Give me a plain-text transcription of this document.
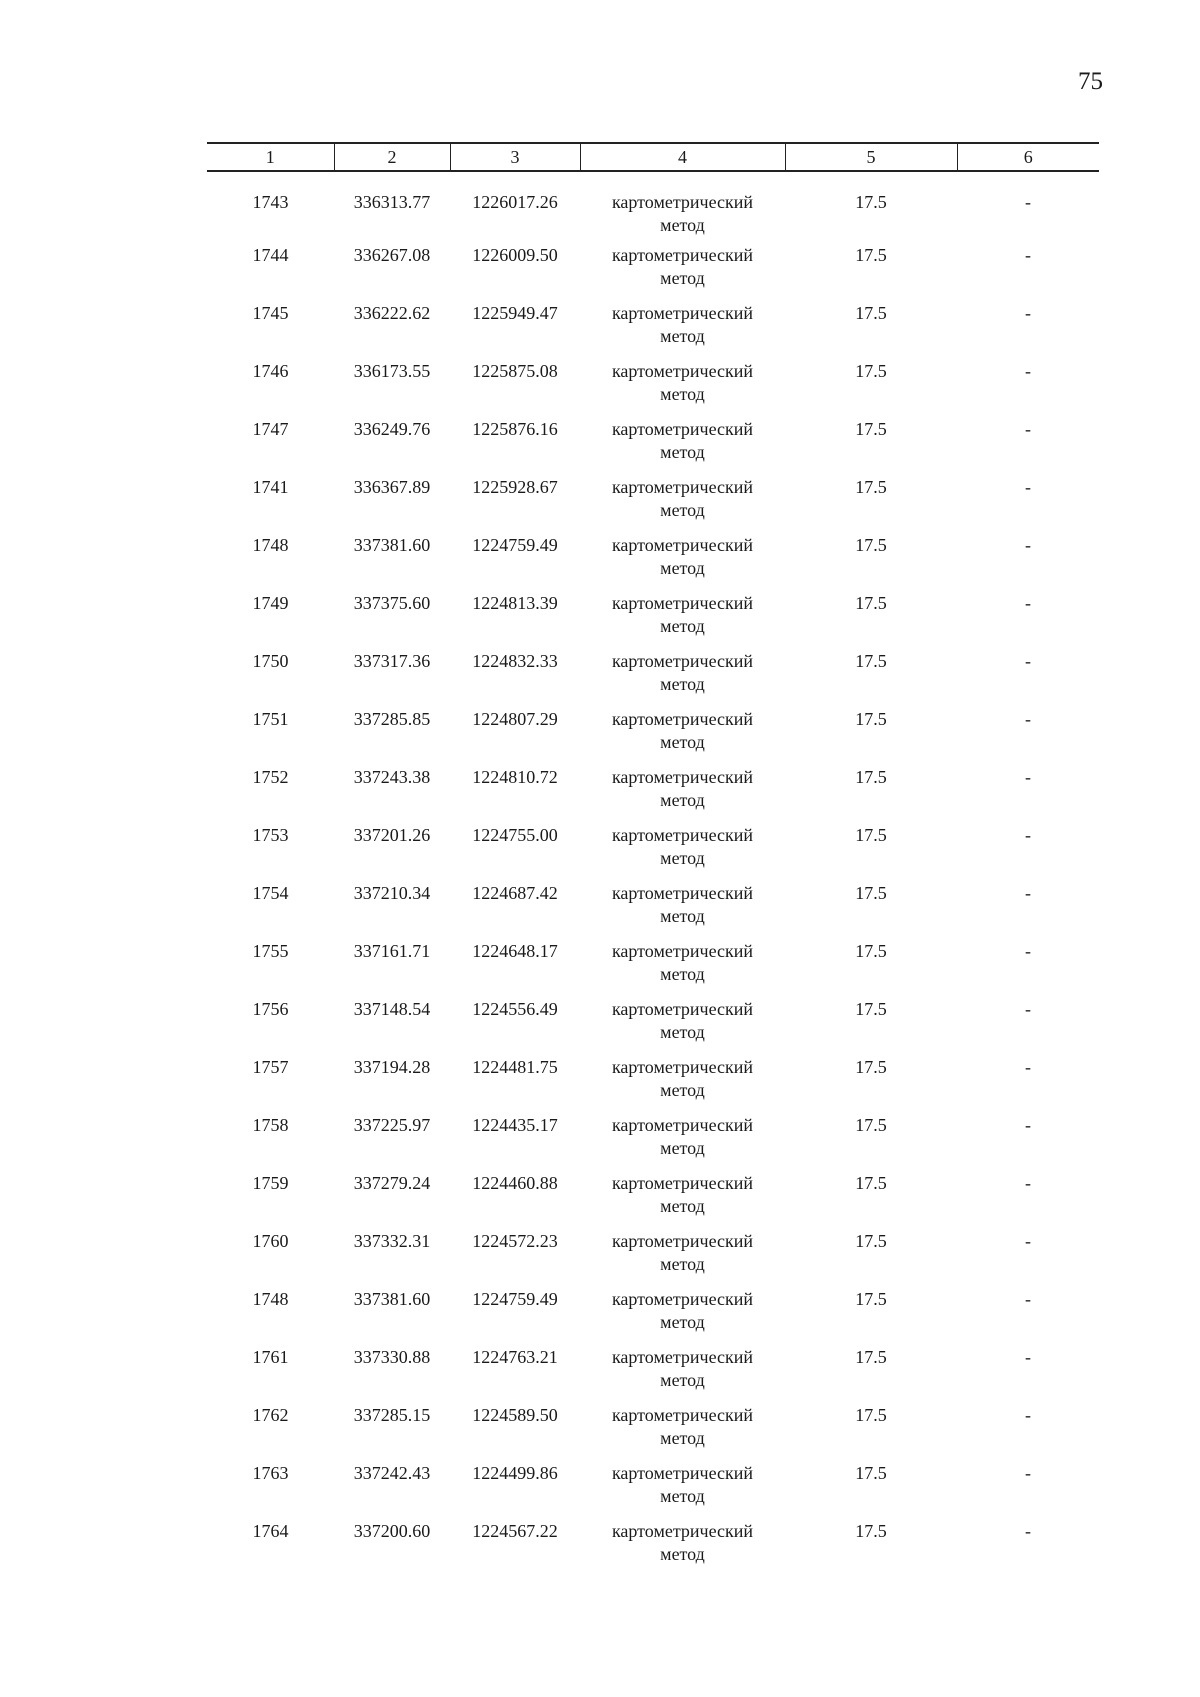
75
1	2	3	4	5	6
1743	336313.77	1226017.26	картометрический метод	17.5	-
1744	336267.08	1226009.50	картометрический метод	17.5	-
1745	336222.62	1225949.47	картометрический метод	17.5	-
1746	336173.55	1225875.08	картометрический метод	17.5	-
1747	336249.76	1225876.16	картометрический метод	17.5	-
1741	336367.89	1225928.67	картометрический метод	17.5	-
1748	337381.60	1224759.49	картометрический метод	17.5	-
1749	337375.60	1224813.39	картометрический метод	17.5	-
1750	337317.36	1224832.33	картометрический метод	17.5	-
1751	337285.85	1224807.29	картометрический метод	17.5	-
1752	337243.38	1224810.72	картометрический метод	17.5	-
1753	337201.26	1224755.00	картометрический метод	17.5	-
1754	337210.34	1224687.42	картометрический метод	17.5	-
1755	337161.71	1224648.17	картометрический метод	17.5	-
1756	337148.54	1224556.49	картометрический метод	17.5	-
1757	337194.28	1224481.75	картометрический метод	17.5	-
1758	337225.97	1224435.17	картометрический метод	17.5	-
1759	337279.24	1224460.88	картометрический метод	17.5	-
1760	337332.31	1224572.23	картометрический метод	17.5	-
1748	337381.60	1224759.49	картометрический метод	17.5	-
1761	337330.88	1224763.21	картометрический метод	17.5	-
1762	337285.15	1224589.50	картометрический метод	17.5	-
1763	337242.43	1224499.86	картометрический метод	17.5	-
1764	337200.60	1224567.22	картометрический метод	17.5	-
